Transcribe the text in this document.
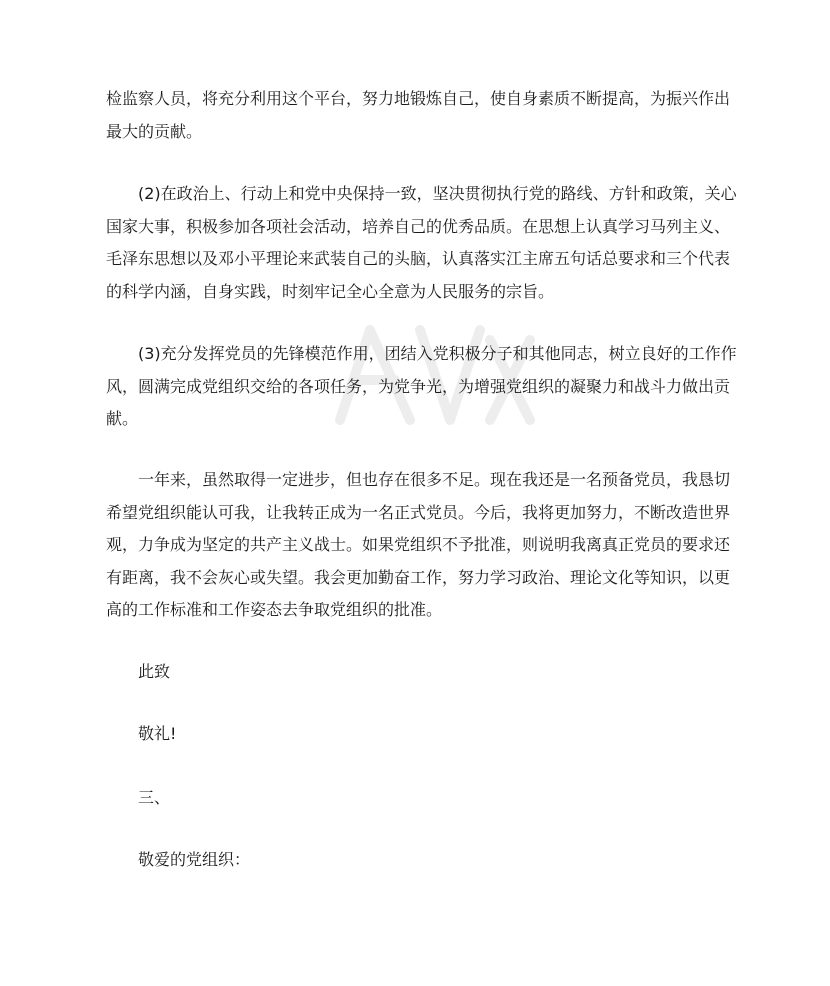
检监察人员，将充分利用这个平台，努力地锻炼自己，使自身素质不断提高，为振兴作出
最大的贡献。
　　(2)在政治上、行动上和党中央保持一致，坚决贯彻执行党的路线、方针和政策，关心
国家大事，积极参加各项社会活动，培养自己的优秀品质。在思想上认真学习马列主义、
毛泽东思想以及邓小平理论来武装自己的头脑，认真落实江主席五句话总要求和三个代表
的科学内涵，自身实践，时刻牢记全心全意为人民服务的宗旨。
　　(3)充分发挥党员的先锋模范作用，团结入党积极分子和其他同志，树立良好的工作作
风，圆满完成党组织交给的各项任务，为党争光，为增强党组织的凝聚力和战斗力做出贡
献。
　　一年来，虽然取得一定进步，但也存在很多不足。现在我还是一名预备党员，我恳切
希望党组织能认可我，让我转正成为一名正式党员。今后，我将更加努力，不断改造世界
观，力争成为坚定的共产主义战士。如果党组织不予批准，则说明我离真正党员的要求还
有距离，我不会灰心或失望。我会更加勤奋工作，努力学习政治、理论文化等知识，以更
高的工作标准和工作姿态去争取党组织的批准。

此致

敬礼!

三、

敬爱的党组织：
